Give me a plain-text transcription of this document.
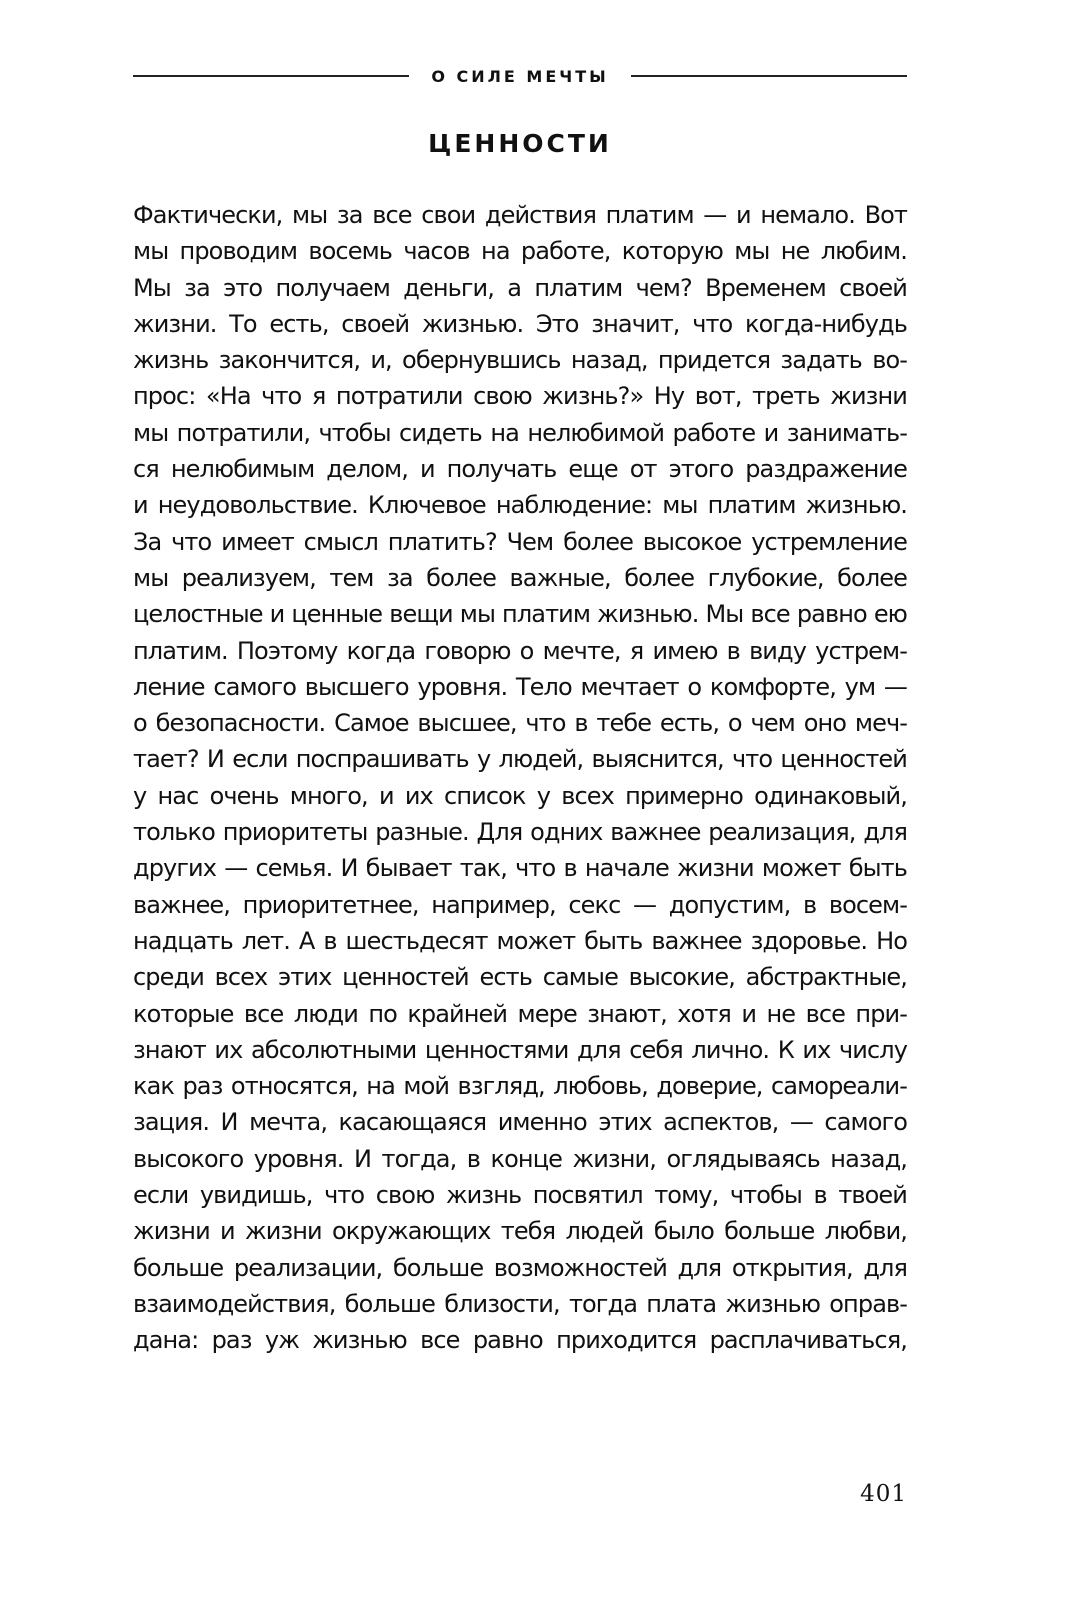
О СИЛЕ МЕЧТЫ
ЦЕННОСТИ
Фактически, мы за все свои действия платим — и немало. Вот
мы проводим восемь часов на работе, которую мы не любим.
Мы за это получаем деньги, а платим чем? Временем своей
жизни. То есть, своей жизнью. Это значит, что когда-нибудь
жизнь закончится, и, обернувшись назад, придется задать во-
прос: «На что я потратили свою жизнь?» Ну вот, треть жизни
мы потратили, чтобы сидеть на нелюбимой работе и занимать-
ся нелюбимым делом, и получать еще от этого раздражение
и неудовольствие. Ключевое наблюдение: мы платим жизнью.
За что имеет смысл платить? Чем более высокое устремление
мы реализуем, тем за более важные, более глубокие, более
целостные и ценные вещи мы платим жизнью. Мы все равно ею
платим. Поэтому когда говорю о мечте, я имею в виду устрем-
ление самого высшего уровня. Тело мечтает о комфорте, ум —
о безопасности. Самое высшее, что в тебе есть, о чем оно меч-
тает? И если поспрашивать у людей, выяснится, что ценностей
у нас очень много, и их список у всех примерно одинаковый,
только приоритеты разные. Для одних важнее реализация, для
других — семья. И бывает так, что в начале жизни может быть
важнее, приоритетнее, например, секс — допустим, в восем-
надцать лет. А в шестьдесят может быть важнее здоровье. Но
среди всех этих ценностей есть самые высокие, абстрактные,
которые все люди по крайней мере знают, хотя и не все при-
знают их абсолютными ценностями для себя лично. К их числу
как раз относятся, на мой взгляд, любовь, доверие, самореали-
зация. И мечта, касающаяся именно этих аспектов, — самого
высокого уровня. И тогда, в конце жизни, оглядываясь назад,
если увидишь, что свою жизнь посвятил тому, чтобы в твоей
жизни и жизни окружающих тебя людей было больше любви,
больше реализации, больше возможностей для открытия, для
взаимодействия, больше близости, тогда плата жизнью оправ-
дана: раз уж жизнью все равно приходится расплачиваться,
401
